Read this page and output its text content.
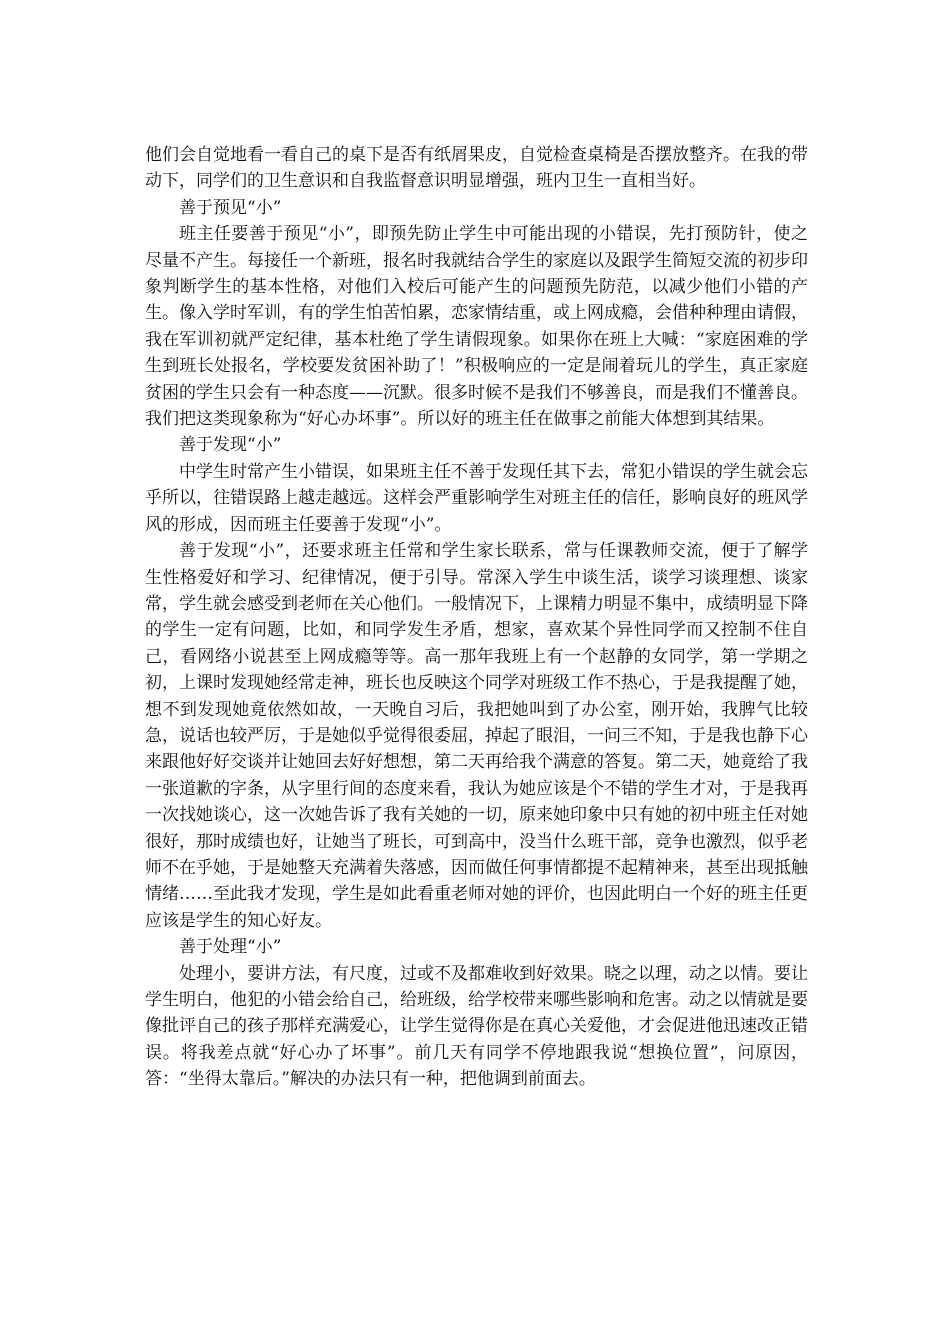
他们会自觉地看一看自己的桌下是否有纸屑果皮，自觉检查桌椅是否摆放整齐。在我的带动下，同学们的卫生意识和自我监督意识明显增强，班内卫生一直相当好。

善于预见“小”

班主任要善于预见“小”，即预先防止学生中可能出现的小错误，先打预防针，使之尽量不产生。每接任一个新班，报名时我就结合学生的家庭以及跟学生简短交流的初步印象判断学生的基本性格，对他们入校后可能产生的问题预先防范，以减少他们小错的产生。像入学时军训，有的学生怕苦怕累，恋家情结重，或上网成瘾，会借种种理由请假，我在军训初就严定纪律，基本杜绝了学生请假现象。如果你在班上大喊：“家庭困难的学生到班长处报名，学校要发贫困补助了！”积极响应的一定是闹着玩儿的学生，真正家庭贫困的学生只会有一种态度——沉默。很多时候不是我们不够善良，而是我们不懂善良。我们把这类现象称为“好心办坏事”。所以好的班主任在做事之前能大体想到其结果。

善于发现“小”

中学生时常产生小错误，如果班主任不善于发现任其下去，常犯小错误的学生就会忘乎所以，往错误路上越走越远。这样会严重影响学生对班主任的信任，影响良好的班风学风的形成，因而班主任要善于发现“小”。

善于发现“小”，还要求班主任常和学生家长联系，常与任课教师交流，便于了解学生性格爱好和学习、纪律情况，便于引导。常深入学生中谈生活，谈学习谈理想、谈家常，学生就会感受到老师在关心他们。一般情况下，上课精力明显不集中，成绩明显下降的学生一定有问题，比如，和同学发生矛盾，想家，喜欢某个异性同学而又控制不住自己，看网络小说甚至上网成瘾等等。高一那年我班上有一个赵静的女同学，第一学期之初，上课时发现她经常走神，班长也反映这个同学对班级工作不热心，于是我提醒了她，想不到发现她竟依然如故，一天晚自习后，我把她叫到了办公室，刚开始，我脾气比较急，说话也较严厉，于是她似乎觉得很委屈，掉起了眼泪，一问三不知，于是我也静下心来跟他好好交谈并让她回去好好想想，第二天再给我个满意的答复。第二天，她竟给了我一张道歉的字条，从字里行间的态度来看，我认为她应该是个不错的学生才对，于是我再一次找她谈心，这一次她告诉了我有关她的一切，原来她印象中只有她的初中班主任对她很好，那时成绩也好，让她当了班长，可到高中，没当什么班干部，竞争也激烈，似乎老师不在乎她，于是她整天充满着失落感，因而做任何事情都提不起精神来，甚至出现抵触情绪……至此我才发现，学生是如此看重老师对她的评价，也因此明白一个好的班主任更应该是学生的知心好友。

善于处理“小”

处理小，要讲方法，有尺度，过或不及都难收到好效果。晓之以理，动之以情。要让学生明白，他犯的小错会给自己，给班级，给学校带来哪些影响和危害。动之以情就是要像批评自己的孩子那样充满爱心，让学生觉得你是在真心关爱他，才会促进他迅速改正错误。将我差点就“好心办了坏事”。前几天有同学不停地跟我说“想换位置”，问原因，答：“坐得太靠后。”解决的办法只有一种，把他调到前面去。
